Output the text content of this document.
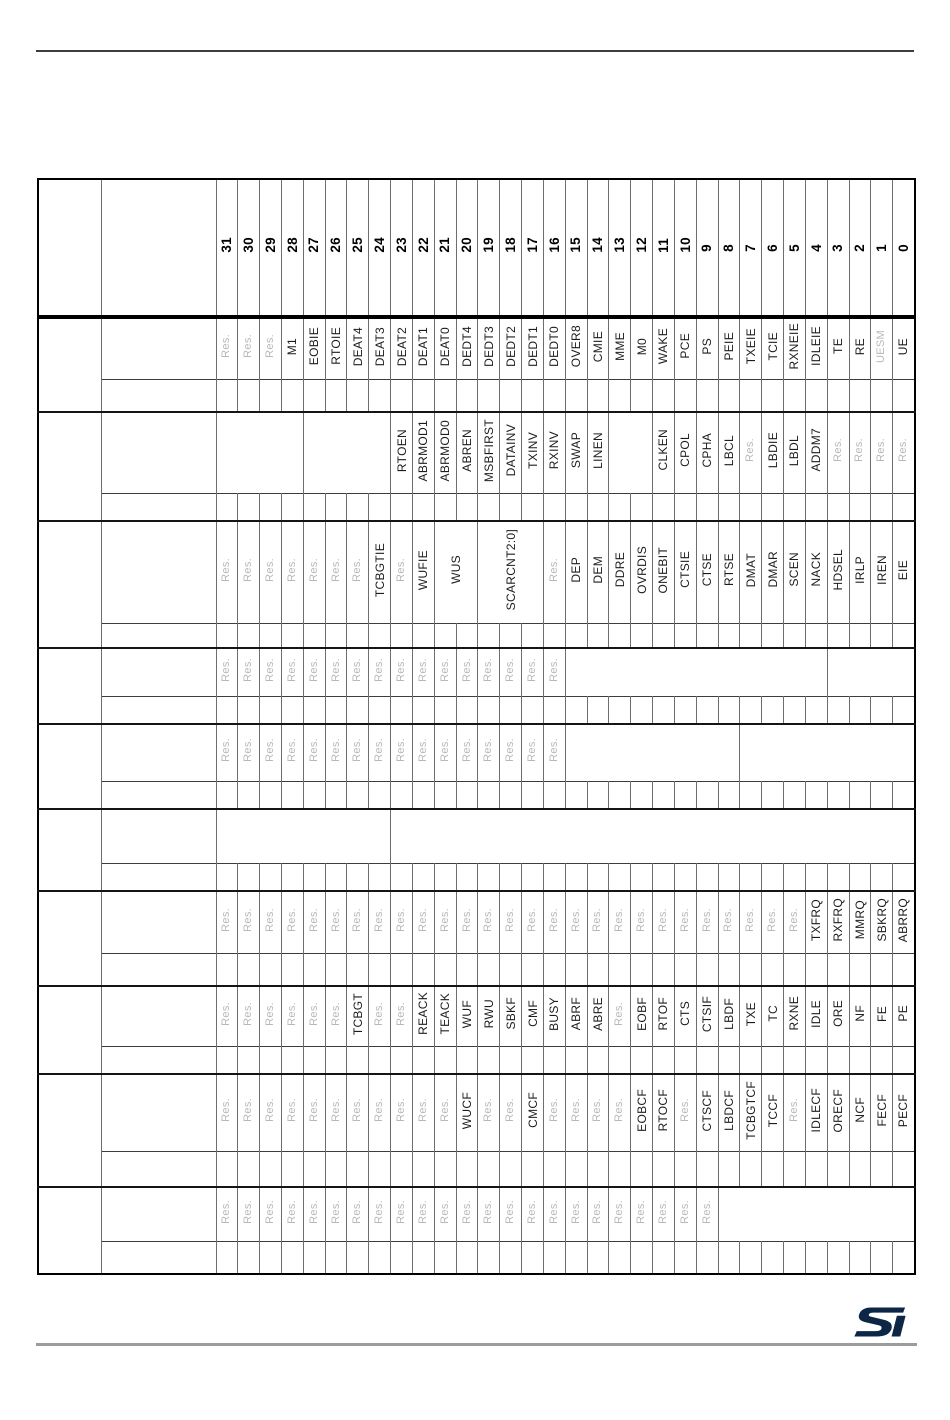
		31	30	29	28	27	26	25	24	23	22	21	20	19	18	17	16	15	14	13	12	11	10	9	8	7	6	5	4	3	2	1	0
		Res.	Res.	Res.	M1	EOBIE	RTOIE	DEAT4	DEAT3	DEAT2	DEAT1	DEAT0	DEDT4	DEDT3	DEDT2	DEDT1	DEDT0	OVER8	CMIE	MME	M0	WAKE	PCE	PS	PEIE	TXEIE	TCIE	RXNEIE	IDLEIE	TE	RE	UESM	UE

										RTOEN	ABRMOD1	ABRMOD0	ABREN	MSBFIRST	DATAINV	TXINV	RXINV	SWAP	LINEN			CLKEN	CPOL	CPHA	LBCL	Res.	LBDIE	LBDL	ADDM7	Res.	Res.	Res.	Res.

		Res.	Res.	Res.	Res.	Res.	Res.	Res.	TCBGTIE	Res.	WUFIE	WUS		SCARCNT2:0]			Res.	DEP	DEM	DDRE	OVRDIS	ONEBIT	CTSIE	CTSE	RTSE	DMAT	DMAR	SCEN	NACK	HDSEL	IRLP	IREN	EIE

		Res.	Res.	Res.	Res.	Res.	Res.	Res.	Res.	Res.	Res.	Res.	Res.	Res.	Res.	Res.	Res.																

		Res.	Res.	Res.	Res.	Res.	Res.	Res.	Res.	Res.	Res.	Res.	Res.	Res.	Res.	Res.	Res.																

		Res.	Res.	Res.	Res.	Res.	Res.	Res.	Res.	Res.	Res.	Res.	Res.	Res.	Res.	Res.	Res.	Res.	Res.	Res.	Res.	Res.	Res.	Res.	Res.	Res.	Res.	Res.	TXFRQ	RXFRQ	MMRQ	SBKRQ	ABRRQ

		Res.	Res.	Res.	Res.	Res.	Res.	TCBGT	Res.	Res.	REACK	TEACK	WUF	RWU	SBKF	CMF	BUSY	ABRF	ABRE	Res.	EOBF	RTOF	CTS	CTSIF	LBDF	TXE	TC	RXNE	IDLE	ORE	NF	FE	PE

		Res.	Res.	Res.	Res.	Res.	Res.	Res.	Res.	Res.	Res.	Res.	WUCF	Res.	Res.	CMCF	Res.	Res.	Res.	Res.	EOBCF	RTOCF	Res.	CTSCF	LBDCF	TCBGTCF	TCCF	Res.	IDLECF	ORECF	NCF	FECF	PECF

		Res.	Res.	Res.	Res.	Res.	Res.	Res.	Res.	Res.	Res.	Res.	Res.	Res.	Res.	Res.	Res.	Res.	Res.	Res.	Res.	Res.	Res.	Res.									
